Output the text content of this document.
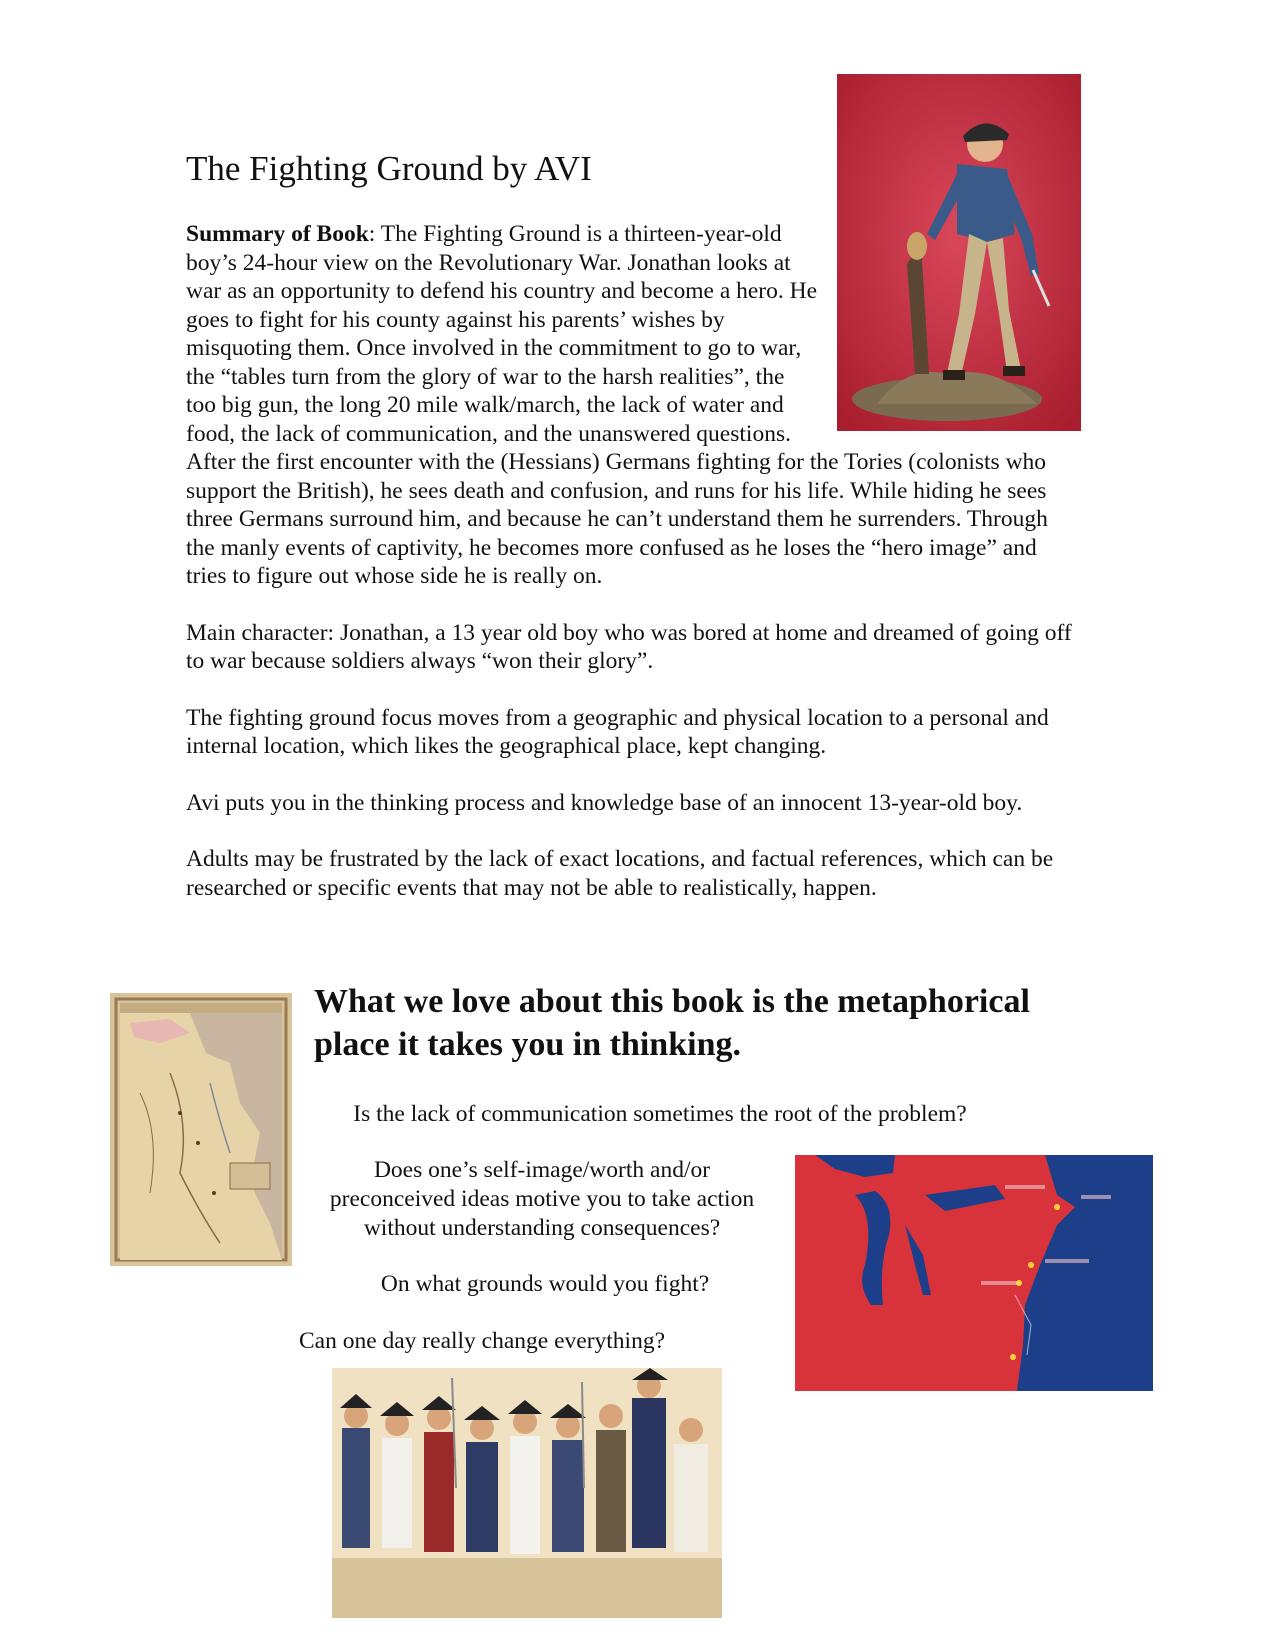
The Fighting Ground by AVI

Summary of Book: The Fighting Ground is a thirteen-year-old boy’s 24-hour view on the Revolutionary War. Jonathan looks at war as an opportunity to defend his country and become a hero. He goes to fight for his county against his parents’ wishes by misquoting them. Once involved in the commitment to go to war, the “tables turn from the glory of war to the harsh realities”, the too big gun, the long 20 mile walk/march, the lack of water and food, the lack of communication, and the unanswered questions. After the first encounter with the (Hessians) Germans fighting for the Tories (colonists who support the British), he sees death and confusion, and runs for his life. While hiding he sees three Germans surround him, and because he can’t understand them he surrenders. Through the manly events of captivity, he becomes more confused as he loses the “hero image” and tries to figure out whose side he is really on.

Main character: Jonathan, a 13 year old boy who was bored at home and dreamed of going off to war because soldiers always “won their glory”.

The fighting ground focus moves from a geographic and physical location to a personal and internal location, which likes the geographical place, kept changing.

Avi puts you in the thinking process and knowledge base of an innocent 13-year-old boy.

Adults may be frustrated by the lack of exact locations, and factual references, which can be researched or specific events that may not be able to realistically, happen.

What we love about this book is the metaphorical place it takes you in thinking.

Is the lack of communication sometimes the root of the problem?

Does one’s self-image/worth and/or preconceived ideas motive you to take action without understanding consequences?

On what grounds would you fight?

Can one day really change everything?
